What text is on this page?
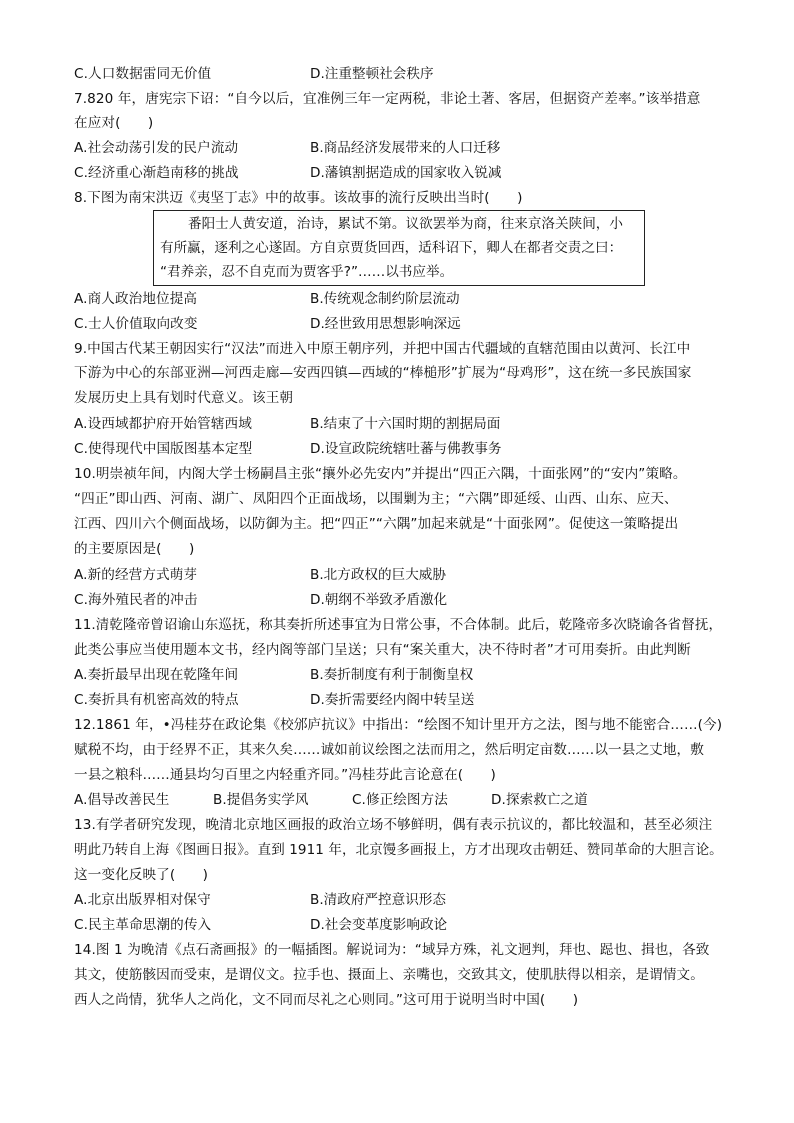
C.人口数据雷同无价值	D.注重整顿社会秩序
7.820 年，唐宪宗下诏：“自今以后，宜准例三年一定两税，非论土著、客居，但据资产差率。”该举措意
在应对(　　)
A.社会动荡引发的民户流动	B.商品经济发展带来的人口迁移
C.经济重心渐趋南移的挑战	D.藩镇割据造成的国家收入锐减
8.下图为南宋洪迈《夷坚丁志》中的故事。该故事的流行反映出当时(　　)
番阳士人黄安道，治诗，累试不第。议欲罢举为商，往来京洛关陕间，小
有所赢，逐利之心遂固。方自京贾货回西，适科诏下，卿人在都者交责之曰：
“君养亲，忍不自克而为贾客乎?”……以书应举。
A.商人政治地位提高	B.传统观念制约阶层流动
C.士人价值取向改变	D.经世致用思想影响深远
9.中国古代某王朝因实行“汉法”而进入中原王朝序列，并把中国古代疆域的直辖范围由以黄河、长江中
下游为中心的东部亚洲—河西走廊—安西四镇—西域的“棒槌形”扩展为“母鸡形”，这在统一多民族国家
发展历史上具有划时代意义。该王朝
A.设西域都护府开始管辖西域	B.结束了十六国时期的割据局面
C.使得现代中国版图基本定型	D.设宣政院统辖吐蕃与佛教事务
10.明崇祯年间，内阁大学士杨嗣昌主张“攘外必先安内”并提出“四正六隅，十面张网”的“安内”策略。
“四正”即山西、河南、湖广、凤阳四个正面战场，以围剿为主；“六隅”即延绥、山西、山东、应天、
江西、四川六个侧面战场，以防御为主。把“四正”“六隅”加起来就是“十面张网”。促使这一策略提出
的主要原因是(　　)
A.新的经营方式萌芽	B.北方政权的巨大威胁
C.海外殖民者的冲击	D.朝纲不举致矛盾激化
11.清乾隆帝曾诏谕山东巡抚，称其奏折所述事宜为日常公事，不合体制。此后，乾隆帝多次晓谕各省督抚，
此类公事应当使用题本文书，经内阁等部门呈送；只有“案关重大，决不待时者”才可用奏折。由此判断
A.奏折最早出现在乾隆年间	B.奏折制度有利于制衡皇权
C.奏折具有机密高效的特点	D.奏折需要经内阁中转呈送
12.1861 年，•冯桂芬在政论集《校邠庐抗议》中指出：“绘图不知计里开方之法，图与地不能密合……(今)
赋税不均，由于经界不正，其来久矣……诚如前议绘图之法而用之，然后明定亩数……以一县之丈地，敷
一县之粮科……通县均匀百里之内轻重齐同。”冯桂芬此言论意在(　　)
A.倡导改善民生	B.提倡务实学风	C.修正绘图方法	D.探索救亡之道
13.有学者研究发现，晚清北京地区画报的政治立场不够鲜明，偶有表示抗议的，都比较温和，甚至必须注
明此乃转自上海《图画日报》。直到 1911 年，北京馒多画报上，方才出现攻击朝廷、赞同革命的大胆言论。
这一变化反映了(　　)
A.北京出版界相对保守	B.清政府严控意识形态
C.民主革命思潮的传入	D.社会变革度影响政论
14.图 1 为晚清《点石斋画报》的一幅插图。解说词为：“域异方殊，礼文迥判，拜也、跽也、揖也，各致
其文，使筋骸因而受束，是谓仪文。拉手也、摄面上、亲嘴也，交致其文，使肌肤得以相亲，是谓情文。
西人之尚情，犹华人之尚化，文不同而尽礼之心则同。”这可用于说明当时中国(　　)
